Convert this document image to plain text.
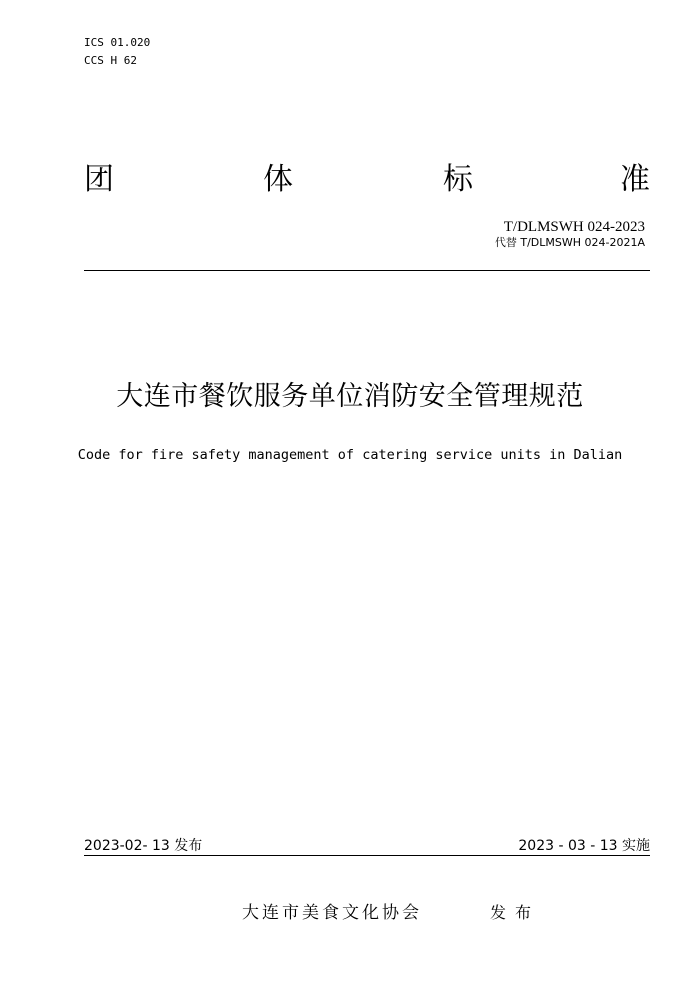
ICS 01.020
CCS H 62
团	体	标	准
T/DLMSWH 024-2023
代替 T/DLMSWH 024-2021A
大连市餐饮服务单位消防安全管理规范
Code for fire safety management of catering service units in Dalian
2023-02- 13 发布	2023 - 03 - 13 实施
大连市美食文化协会	发布
